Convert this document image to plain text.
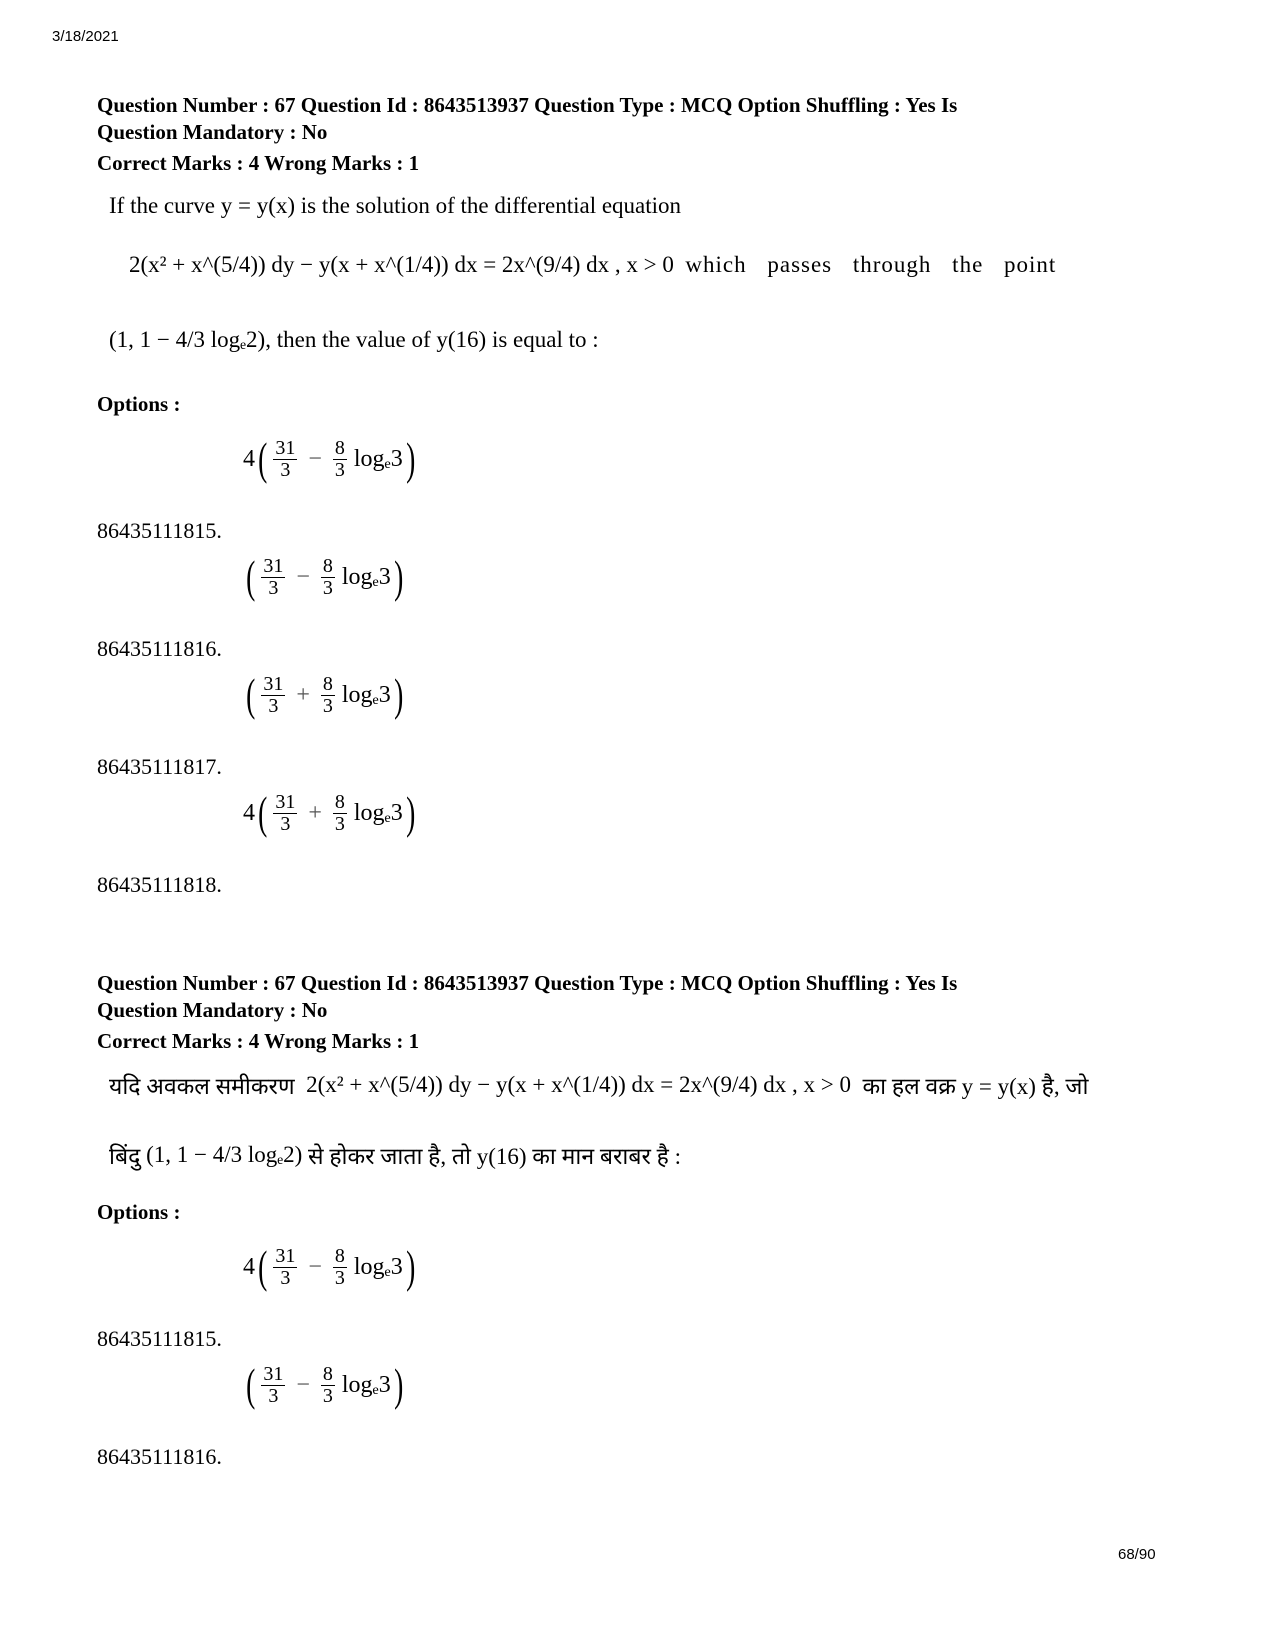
3/18/2021
Question Number : 67 Question Id : 8643513937 Question Type : MCQ Option Shuffling : Yes Is
Question Mandatory : No
Correct Marks : 4 Wrong Marks : 1
If the curve y = y(x) is the solution of the differential equation
2(x² + x^(5/4)) dy − y(x + x^(1/4)) dx = 2x^(9/4) dx , x > 0
which passes through the point
(1, 1 − 4/3 logₑ2) , then the value of y(16) is equal to :
Options :
4 ( $\frac{31}{3} - \frac{8}{3} \log_e3$ )
86435111815.
( $\frac{31}{3} - \frac{8}{3} \log_e3$ )
86435111816.
( $\frac{31}{3} + \frac{8}{3} \log_e3$ )
86435111817.
4 ( $\frac{31}{3} + \frac{8}{3} \log_e3$ )
86435111818.
Question Number : 67 Question Id : 8643513937 Question Type : MCQ Option Shuffling : Yes Is
Question Mandatory : No
Correct Marks : 4 Wrong Marks : 1
यदि अवकल समीकरण
2(x² + x^(5/4)) dy − y(x + x^(1/4)) dx = 2x^(9/4) dx , x > 0
का हल वक्र y = y(x) है, जो
बिंदु
(1, 1 − 4/3 logₑ2)
से होकर जाता है, तो y(16) का मान बराबर है :
Options :
4 ( $\frac{31}{3} - \frac{8}{3} \log_e3$ )
86435111815.
( $\frac{31}{3} - \frac{8}{3} \log_e3$ )
86435111816.
68/90
